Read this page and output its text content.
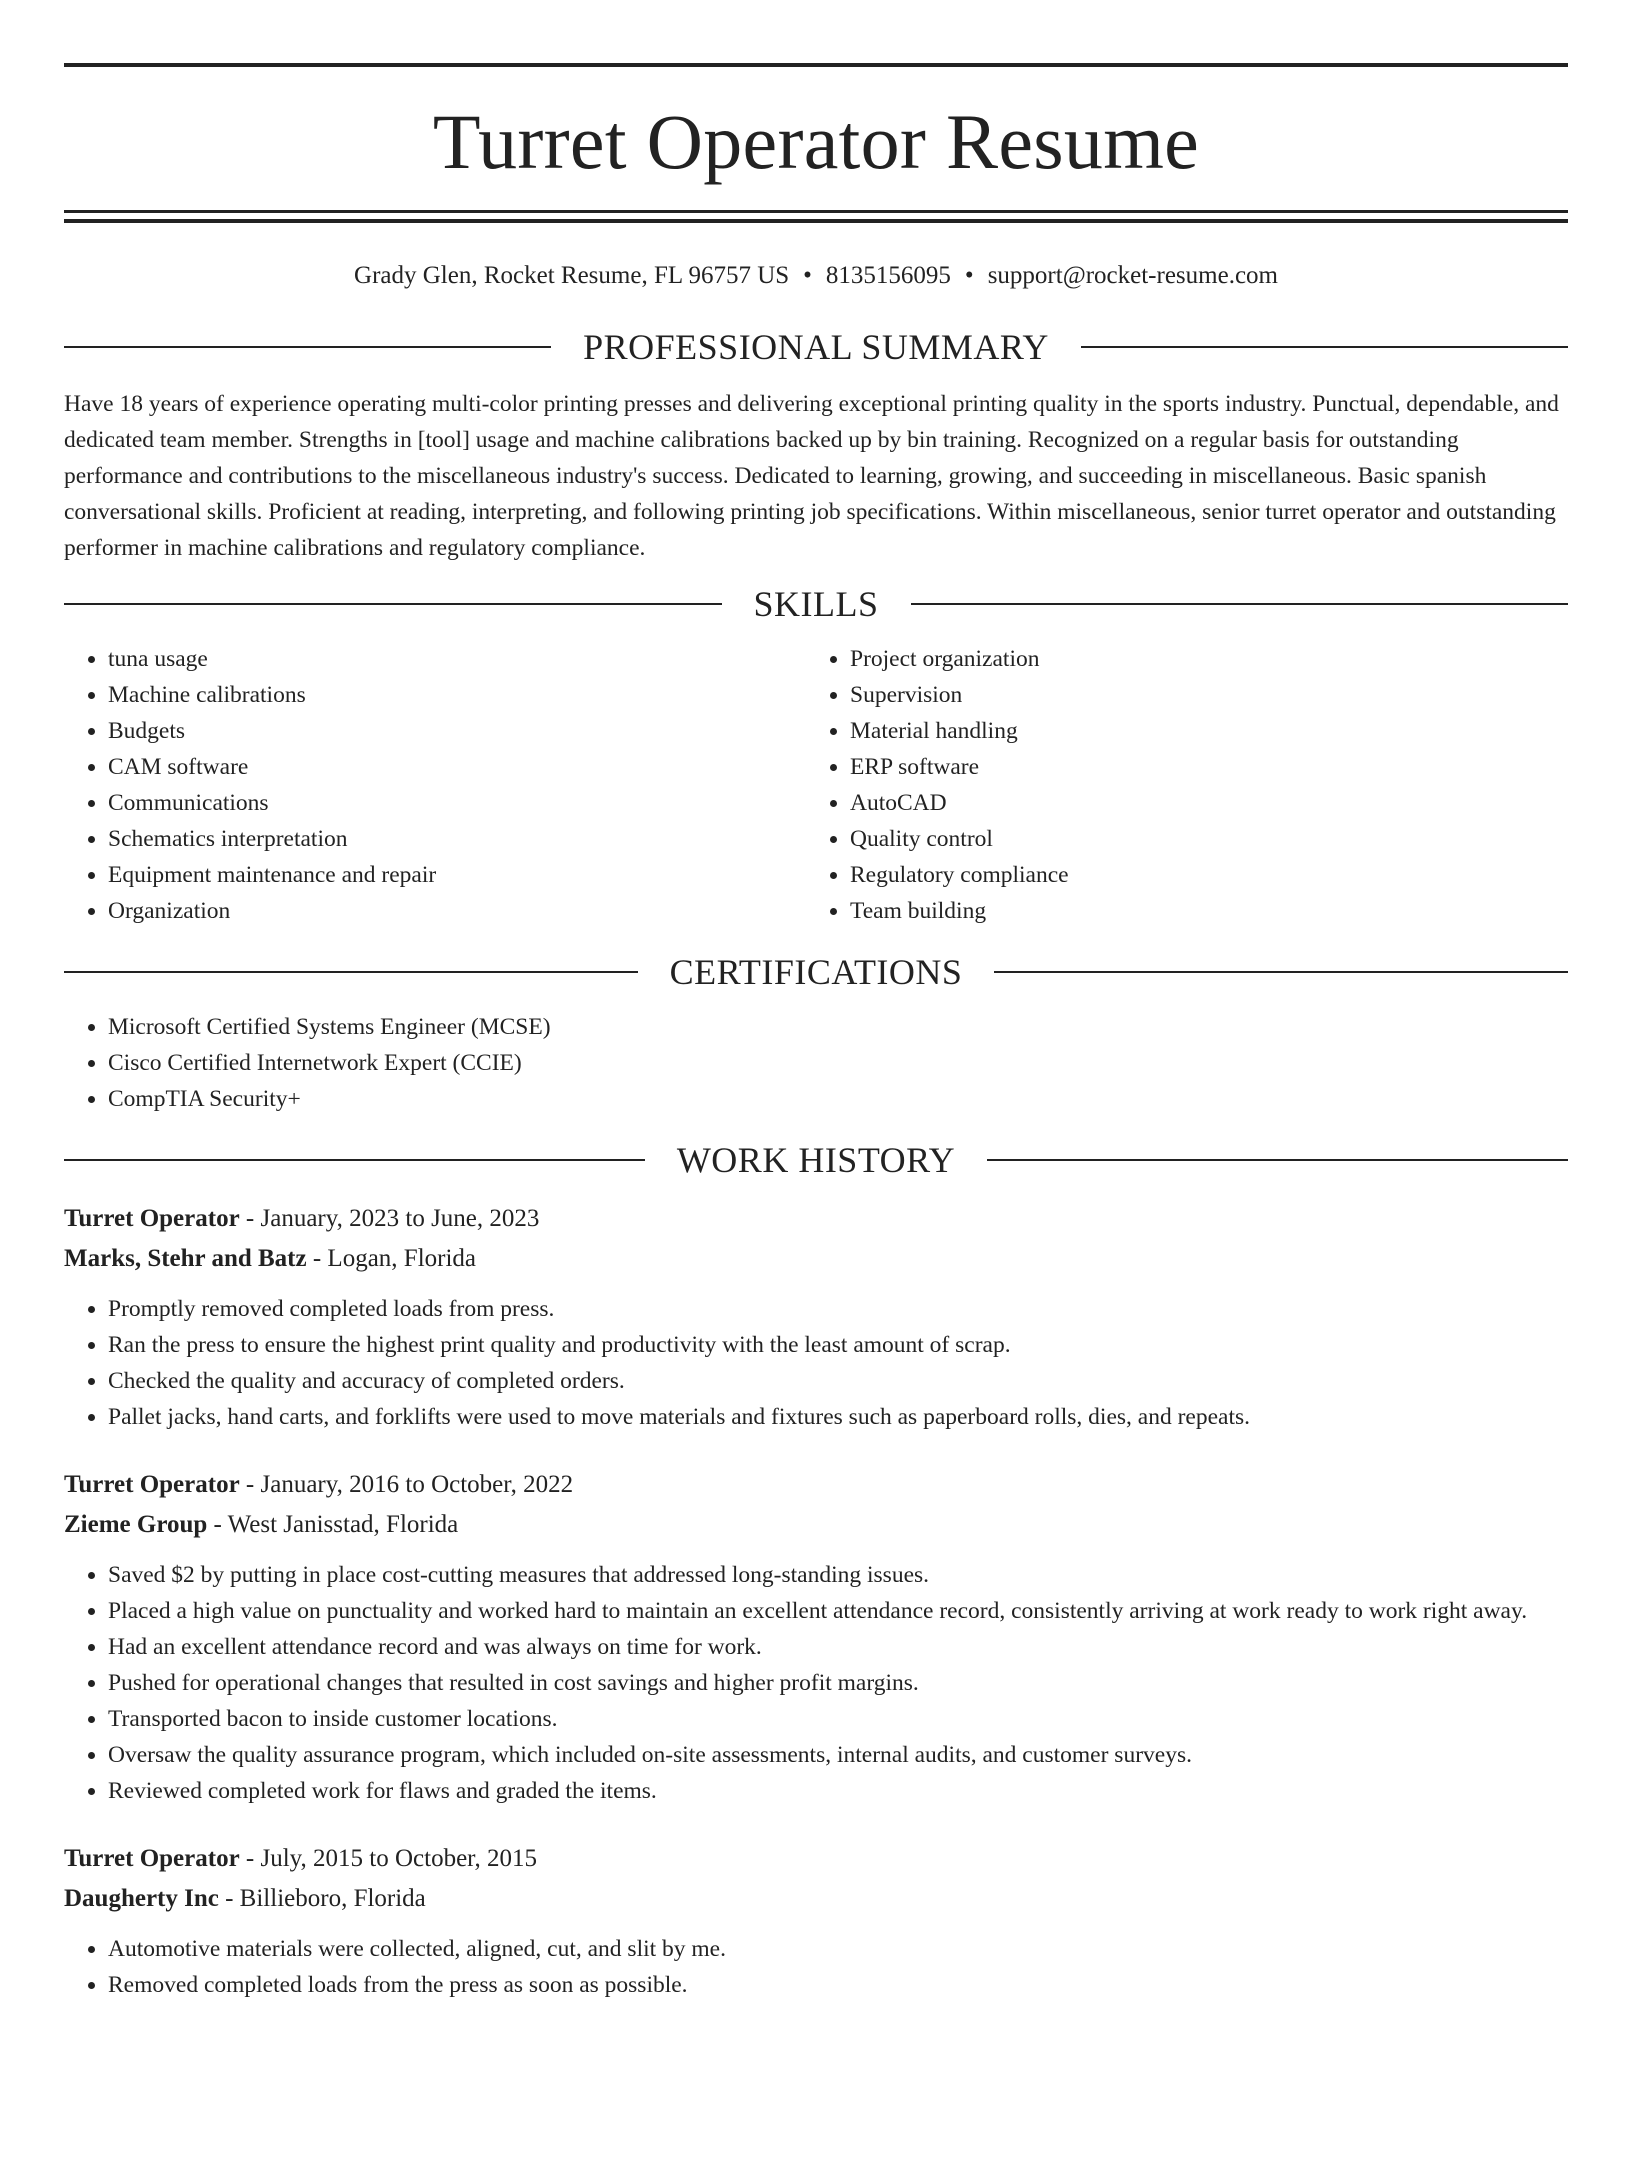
Turret Operator Resume
Grady Glen, Rocket Resume, FL 96757 US • 8135156095 • support@rocket-resume.com
PROFESSIONAL SUMMARY

Have 18 years of experience operating multi-color printing presses and delivering exceptional printing quality in the sports industry. Punctual, dependable, and dedicated team member. Strengths in [tool] usage and machine calibrations backed up by bin training. Recognized on a regular basis for outstanding performance and contributions to the miscellaneous industry's success. Dedicated to learning, growing, and succeeding in miscellaneous. Basic spanish conversational skills. Proficient at reading, interpreting, and following printing job specifications. Within miscellaneous, senior turret operator and outstanding performer in machine calibrations and regulatory compliance.

SKILLS
• tuna usage
• Machine calibrations
• Budgets
• CAM software
• Communications
• Schematics interpretation
• Equipment maintenance and repair
• Organization
• Project organization
• Supervision
• Material handling
• ERP software
• AutoCAD
• Quality control
• Regulatory compliance
• Team building
CERTIFICATIONS
• Microsoft Certified Systems Engineer (MCSE)
• Cisco Certified Internetwork Expert (CCIE)
• CompTIA Security+
WORK HISTORY
Turret Operator - January, 2023 to June, 2023
Marks, Stehr and Batz - Logan, Florida
• Promptly removed completed loads from press.
• Ran the press to ensure the highest print quality and productivity with the least amount of scrap.
• Checked the quality and accuracy of completed orders.
• Pallet jacks, hand carts, and forklifts were used to move materials and fixtures such as paperboard rolls, dies, and repeats.
Turret Operator - January, 2016 to October, 2022
Zieme Group - West Janisstad, Florida
• Saved $2 by putting in place cost-cutting measures that addressed long-standing issues.
• Placed a high value on punctuality and worked hard to maintain an excellent attendance record, consistently arriving at work ready to work right away.
• Had an excellent attendance record and was always on time for work.
• Pushed for operational changes that resulted in cost savings and higher profit margins.
• Transported bacon to inside customer locations.
• Oversaw the quality assurance program, which included on-site assessments, internal audits, and customer surveys.
• Reviewed completed work for flaws and graded the items.
Turret Operator - July, 2015 to October, 2015
Daugherty Inc - Billieboro, Florida
• Automotive materials were collected, aligned, cut, and slit by me.
• Removed completed loads from the press as soon as possible.
